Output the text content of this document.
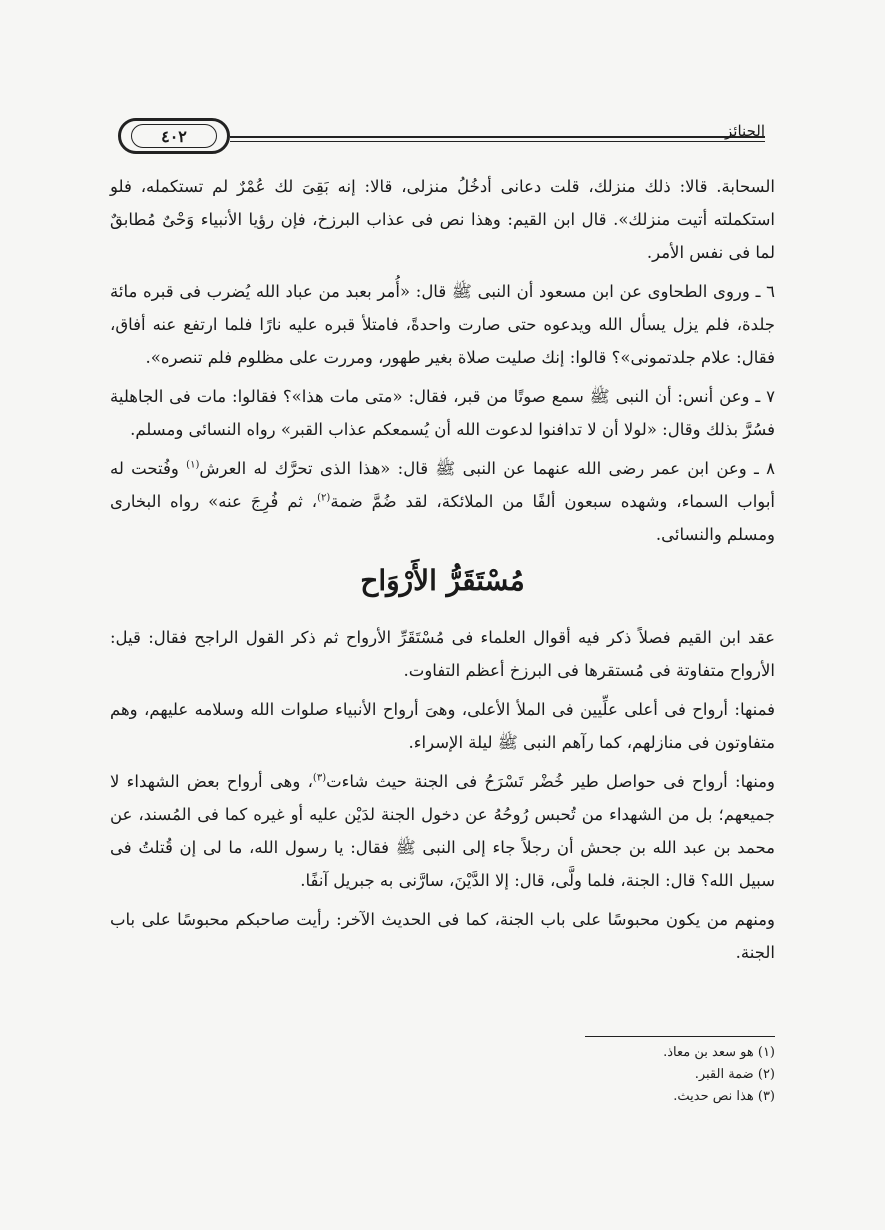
٤٠٢	الجنائز

السحابة. قالا: ذلك منزلك، قلت دعانى أدخُلُ منزلى، قالا: إنه بَقِىَ لك عُمْرٌ لم تستكمله، فلو استكملته أتيت منزلك». قال ابن القيم: وهذا نص فى عذاب البرزخ، فإن رؤيا الأنبياء وَحْىٌ مُطابقٌ لما فى نفس الأمر.

٦ ـ وروى الطحاوى عن ابن مسعود أن النبى ﷺ قال: «أُمر بعبد من عباد الله يُضرب فى قبره مائة جلدة، فلم يزل يسأل الله ويدعوه حتى صارت واحدةً، فامتلأ قبره عليه نارًا فلما ارتفع عنه أفاق، فقال: علام جلدتمونى»؟ قالوا: إنك صليت صلاة بغير طهور، ومررت على مظلوم فلم تنصره».

٧ ـ وعن أنس: أن النبى ﷺ سمع صوتًا من قبر، فقال: «متى مات هذا»؟ فقالوا: مات فى الجاهلية فسُرَّ بذلك وقال: «لولا أن لا تدافنوا لدعوت الله أن يُسمعكم عذاب القبر» رواه النسائى ومسلم.

٨ ـ وعن ابن عمر رضى الله عنهما عن النبى ﷺ قال: «هذا الذى تحرَّك له العرش$^{(١)}$ وفُتحت له أبواب السماء، وشهده سبعون ألفًا من الملائكة، لقد ضُمَّ ضمة$^{(٢)}$، ثم فُرِجَ عنه» رواه البخارى ومسلم والنسائى.

مُسْتَقَرُّ الأَرْوَاح

عقد ابن القيم فصلاً ذكر فيه أقوال العلماء فى مُسْتَقَرِّ الأرواح ثم ذكر القول الراجح فقال: قيل: الأرواح متفاوتة فى مُستقرها فى البرزخ أعظم التفاوت.

فمنها: أرواح فى أعلى علِّيين فى الملأ الأعلى، وهىَ أرواح الأنبياء صلوات الله وسلامه عليهم، وهم متفاوتون فى منازلهم، كما رآهم النبى ﷺ ليلة الإسراء.

ومنها: أرواح فى حواصل طير خُضْر تَسْرَحُ فى الجنة حيث شاءت$^{(٣)}$، وهى أرواح بعض الشهداء لا جميعهم؛ بل من الشهداء من تُحبس رُوحُهُ عن دخول الجنة لدَيْن عليه أو غيره كما فى المُسند، عن محمد بن عبد الله بن جحش أن رجلاً جاء إلى النبى ﷺ فقال: يا رسول الله، ما لى إن قُتلتُ فى سبيل الله؟ قال: الجنة، فلما ولَّى، قال: إلا الدَّيْنَ، سارَّنى به جبريل آنفًا.

ومنهم من يكون محبوسًا على باب الجنة، كما فى الحديث الآخر: رأيت صاحبكم محبوسًا على باب الجنة.

(١) هو سعد بن معاذ.
(٢) ضمة القبر.
(٣) هذا نص حديث.
